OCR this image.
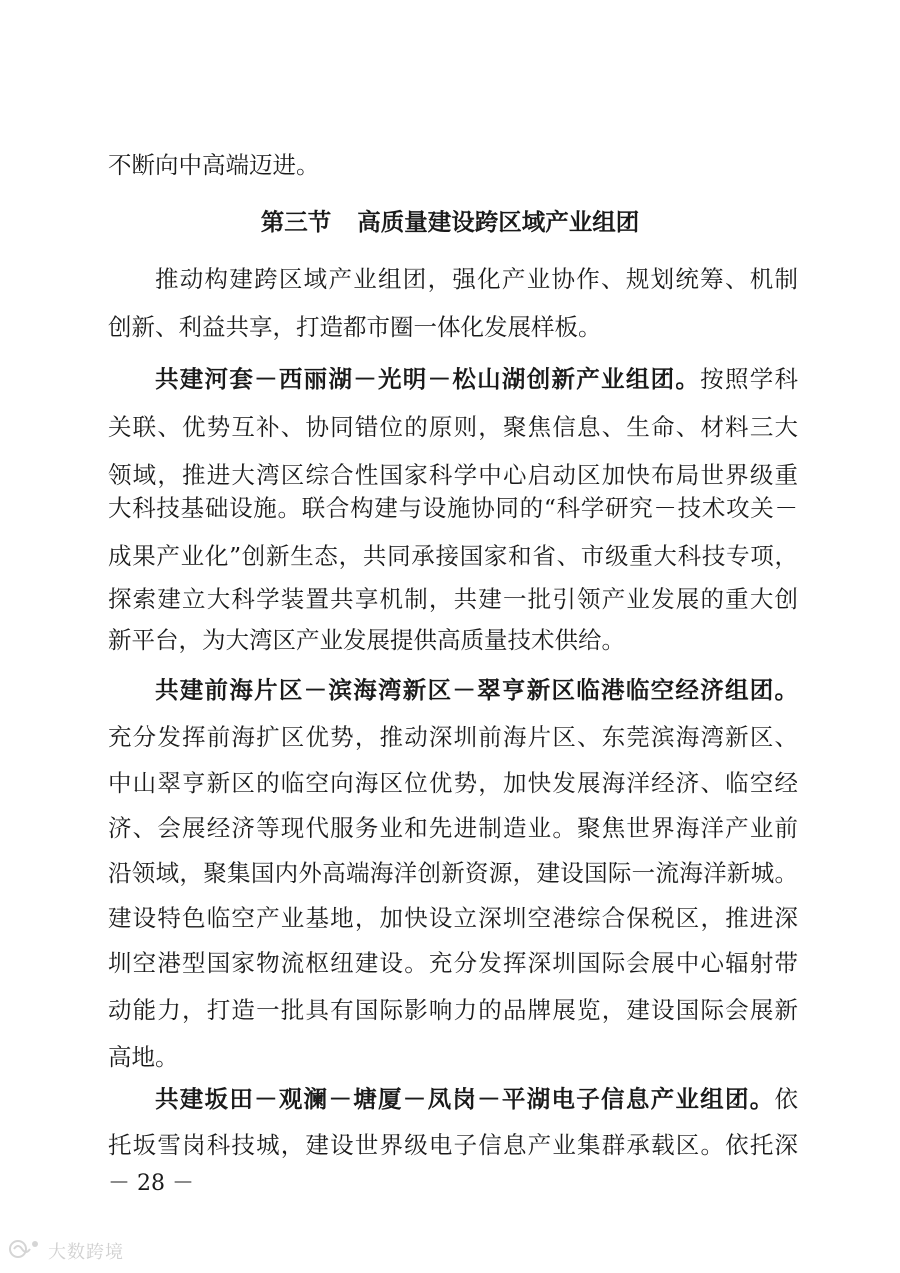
不断向中高端迈进。
第三节 高质量建设跨区域产业组团
推动构建跨区域产业组团，强化产业协作、规划统筹、机制
创新、利益共享，打造都市圈一体化发展样板。
共建河套－西丽湖－光明－松山湖创新产业组团。按照学科
关联、优势互补、协同错位的原则，聚焦信息、生命、材料三大
领域，推进大湾区综合性国家科学中心启动区加快布局世界级重
大科技基础设施。联合构建与设施协同的“科学研究－技术攻关－
成果产业化”创新生态，共同承接国家和省、市级重大科技专项，
探索建立大科学装置共享机制，共建一批引领产业发展的重大创
新平台，为大湾区产业发展提供高质量技术供给。
共建前海片区－滨海湾新区－翠亨新区临港临空经济组团。
充分发挥前海扩区优势，推动深圳前海片区、东莞滨海湾新区、
中山翠亨新区的临空向海区位优势，加快发展海洋经济、临空经
济、会展经济等现代服务业和先进制造业。聚焦世界海洋产业前
沿领域，聚集国内外高端海洋创新资源，建设国际一流海洋新城。
建设特色临空产业基地，加快设立深圳空港综合保税区，推进深
圳空港型国家物流枢纽建设。充分发挥深圳国际会展中心辐射带
动能力，打造一批具有国际影响力的品牌展览，建设国际会展新
高地。
共建坂田－观澜－塘厦－凤岗－平湖电子信息产业组团。依
托坂雪岗科技城，建设世界级电子信息产业集群承载区。依托深
－ 28 －
大数跨境
